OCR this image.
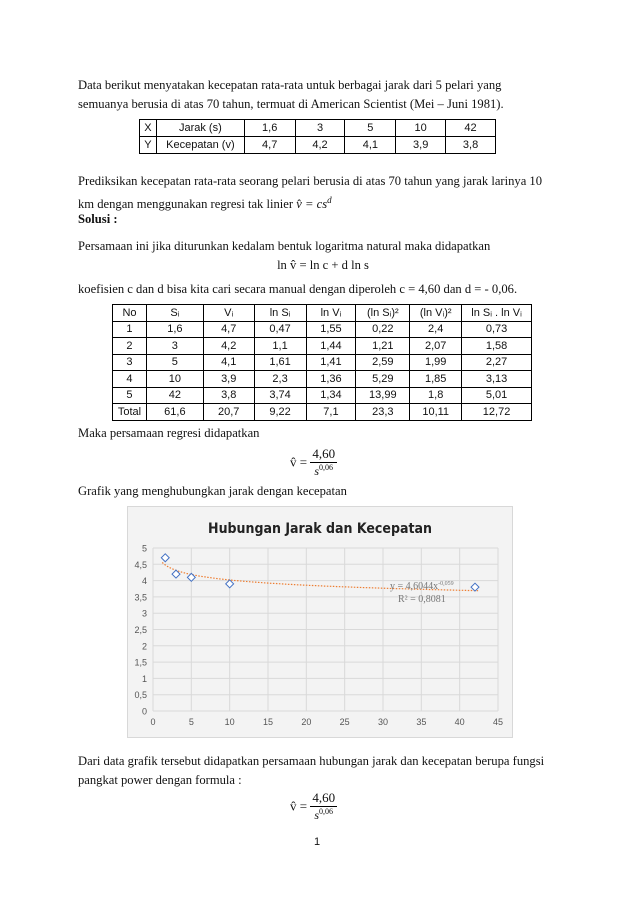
Data berikut menyatakan kecepatan rata-rata untuk berbagai jarak dari 5 pelari yang
semuanya berusia di atas 70 tahun, termuat di American Scientist (Mei – Juni 1981).
X	Jarak (s)	1,6	3	5	10	42
Y	Kecepatan (v)	4,7	4,2	4,1	3,9	3,8
Prediksikan kecepatan rata-rata seorang pelari berusia di atas 70 tahun yang jarak larinya 10
km dengan menggunakan regresi tak linier v̂ = $cs^d$
Solusi :
Persamaan ini jika diturunkan kedalam bentuk logaritma natural maka didapatkan
ln v̂ = ln c + d ln s
koefisien c dan d bisa kita cari secara manual dengan diperoleh c = 4,60 dan d = - 0,06.
No	Sᵢ	Vᵢ	ln Sᵢ	ln Vᵢ	(ln Sᵢ)²	(ln Vᵢ)²	ln Sᵢ . ln Vᵢ
1	1,6	4,7	0,47	1,55	0,22	2,4	0,73
2	3	4,2	1,1	1,44	1,21	2,07	1,58
3	5	4,1	1,61	1,41	2,59	1,99	2,27
4	10	3,9	2,3	1,36	5,29	1,85	3,13
5	42	3,8	3,74	1,34	13,99	1,8	5,01
Total	61,6	20,7	9,22	7,1	23,3	10,11	12,72
Maka persamaan regresi didapatkan
v̂ = $\frac{4,60}{s^{0,06}}$
Grafik yang menghubungkan jarak dengan kecepatan
Hubungan Jarak dan Kecepatan
0
0,5
1
1,5
2
2,5
3
3,5
4
4,5
5
0	5	10	15	20	25	30	35	40	45
$y = 4,6044x^{-0,059}$
R² = 0,8081
Dari data grafik tersebut didapatkan persamaan hubungan jarak dan kecepatan berupa fungsi
pangkat power dengan formula :
v̂ = $\frac{4,60}{s^{0,06}}$
1
